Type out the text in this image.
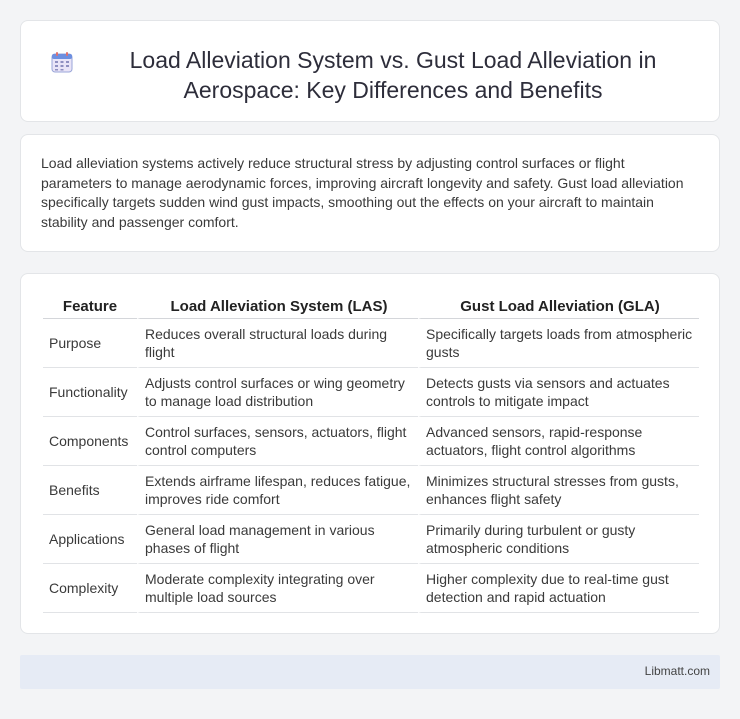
Load Alleviation System vs. Gust Load Alleviation in Aerospace: Key Differences and Benefits

Load alleviation systems actively reduce structural stress by adjusting control surfaces or flight parameters to manage aerodynamic forces, improving aircraft longevity and safety. Gust load alleviation specifically targets sudden wind gust impacts, smoothing out the effects on your aircraft to maintain stability and passenger comfort.

Feature	Load Alleviation System (LAS)	Gust Load Alleviation (GLA)
Purpose	Reduces overall structural loads during flight	Specifically targets loads from atmospheric gusts
Functionality	Adjusts control surfaces or wing geometry to manage load distribution	Detects gusts via sensors and actuates controls to mitigate impact
Components	Control surfaces, sensors, actuators, flight control computers	Advanced sensors, rapid-response actuators, flight control algorithms
Benefits	Extends airframe lifespan, reduces fatigue, improves ride comfort	Minimizes structural stresses from gusts, enhances flight safety
Applications	General load management in various phases of flight	Primarily during turbulent or gusty atmospheric conditions
Complexity	Moderate complexity integrating over multiple load sources	Higher complexity due to real-time gust detection and rapid actuation
Libmatt.com
